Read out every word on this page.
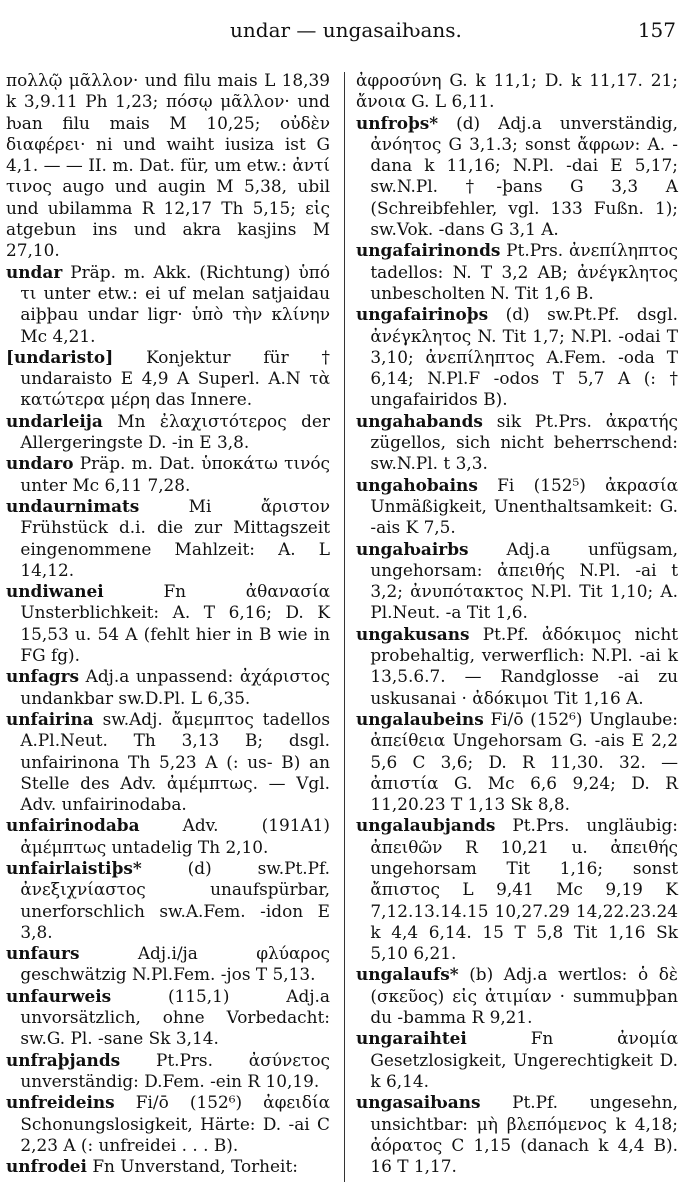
undar — ungasaiƕans.	157
πολλῷ μᾶλλον· und filu mais L 18,39 k 3,9.11 Ph 1,23; πόσῳ μᾶλλον· und ƕan filu mais M 10,25; οὐδὲν διαφέρει· ni und waiht iusiza ist G 4,1. — — II. m. Dat. für, um etw.: ἀντί τινος augo und augin M 5,38, ubil und ubilamma R 12,17 Th 5,15; εἰς atgebun ins und akra kasjins M 27,10.
undar Präp. m. Akk. (Richtung) ὑπό τι unter etw.: ei uf melan satjaidau aiþþau undar ligr· ὑπὸ τὴν κλίνην Mc 4,21.
[undaristo] Konjektur für † undaraisto E 4,9 A Superl. A.N τὰ κατώτερα μέρη das Innere.
undarleija Mn ἐλαχιστότερος der Allergeringste D. -in E 3,8.
undaro Präp. m. Dat. ὑποκάτω τινός unter Mc 6,11 7,28.
undaurnimats Mi ἄριστον Frühstück d.i. die zur Mittagszeit eingenommene Mahlzeit: A. L 14,12.
undiwanei Fn ἀθανασία Unsterblichkeit: A. T 6,16; D. K 15,53 u. 54 A (fehlt hier in B wie in FG fg).
unfagrs Adj.a unpassend: ἀχάριστος undankbar sw.D.Pl. L 6,35.
unfairina sw.Adj. ἄμεμπτος tadellos A.Pl.Neut. Th 3,13 B; dsgl. unfairinona Th 5,23 A (: us- B) an Stelle des Adv. ἀμέμπτως. — Vgl. Adv. unfairinodaba.
unfairinodaba Adv. (191A1) ἀμέμπτως untadelig Th 2,10.
unfairlaistiþs* (d) sw.Pt.Pf. ἀνεξιχνίαστος unaufspürbar, unerforschlich sw.A.Fem. -idon E 3,8.
unfaurs Adj.i/ja φλύαρος geschwätzig N.Pl.Fem. -jos T 5,13.
unfaurweis (115,1) Adj.a unvorsätzlich, ohne Vorbedacht: sw.G. Pl. -sane Sk 3,14.
unfraþjands Pt.Prs. ἀσύνετος unverständig: D.Fem. -ein R 10,19.
unfreideins Fi/ō (152⁶) ἀφειδία Schonungslosigkeit, Härte: D. -ai C 2,23 A (: unfreidei . . . B).
unfrodei Fn Unverstand, Torheit:
ἀφροσύνη G. k 11,1; D. k 11,17. 21; ἄνοια G. L 6,11.
unfroþs* (d) Adj.a unverständig, ἀνόητος G 3,1.3; sonst ἄφρων: A. -dana k 11,16; N.Pl. -dai E 5,17; sw.N.Pl. †-þans G 3,3 A (Schreibfehler, vgl. 133 Fußn. 1); sw.Vok. -dans G 3,1 A.
ungafairinonds Pt.Prs. ἀνεπίληπτος tadellos: N. T 3,2 AB; ἀνέγκλητος unbescholten N. Tit 1,6 B.
ungafairinoþs (d) sw.Pt.Pf. dsgl. ἀνέγκλητος N. Tit 1,7; N.Pl. -odai T 3,10; ἀνεπίληπτος A.Fem. -oda T 6,14; N.Pl.F -odos T 5,7 A (: † ungafairidos B).
ungahabands sik Pt.Prs. ἀκρατής zügellos, sich nicht beherrschend: sw.N.Pl. t 3,3.
ungahobains Fi (152⁵) ἀκρασία Unmäßigkeit, Unenthaltsamkeit: G. -ais K 7,5.
ungaƕairbs Adj.a unfügsam, ungehorsam: ἀπειθής N.Pl. -ai t 3,2; ἀνυπότακτος N.Pl. Tit 1,10; A. Pl.Neut. -a Tit 1,6.
ungakusans Pt.Pf. ἀδόκιμος nicht probehaltig, verwerflich: N.Pl. -ai k 13,5.6.7. — Randglosse -ai zu uskusanai · ἀδόκιμοι Tit 1,16 A.
ungalaubeins Fi/ō (152⁶) Unglaube: ἀπείθεια Ungehorsam G. -ais E 2,2 5,6 C 3,6; D. R 11,30. 32. — ἀπιστία G. Mc 6,6 9,24; D. R 11,20.23 T 1,13 Sk 8,8.
ungalaubjands Pt.Prs. ungläubig: ἀπειθῶν R 10,21 u. ἀπειθής ungehorsam Tit 1,16; sonst ἄπιστος L 9,41 Mc 9,19 K 7,12.13.14.15 10,27.29 14,22.23.24 k 4,4 6,14. 15 T 5,8 Tit 1,16 Sk 5,10 6,21.
ungalaufs* (b) Adj.a wertlos: ὁ δὲ (σκεῦος) εἰς ἀτιμίαν · summuþþan du -bamma R 9,21.
ungaraihtei Fn ἀνομία Gesetzlosigkeit, Ungerechtigkeit D. k 6,14.
ungasaiƕans Pt.Pf. ungesehn, unsichtbar: μὴ βλεπόμενος k 4,18; ἀόρατος C 1,15 (danach k 4,4 B). 16 T 1,17.
